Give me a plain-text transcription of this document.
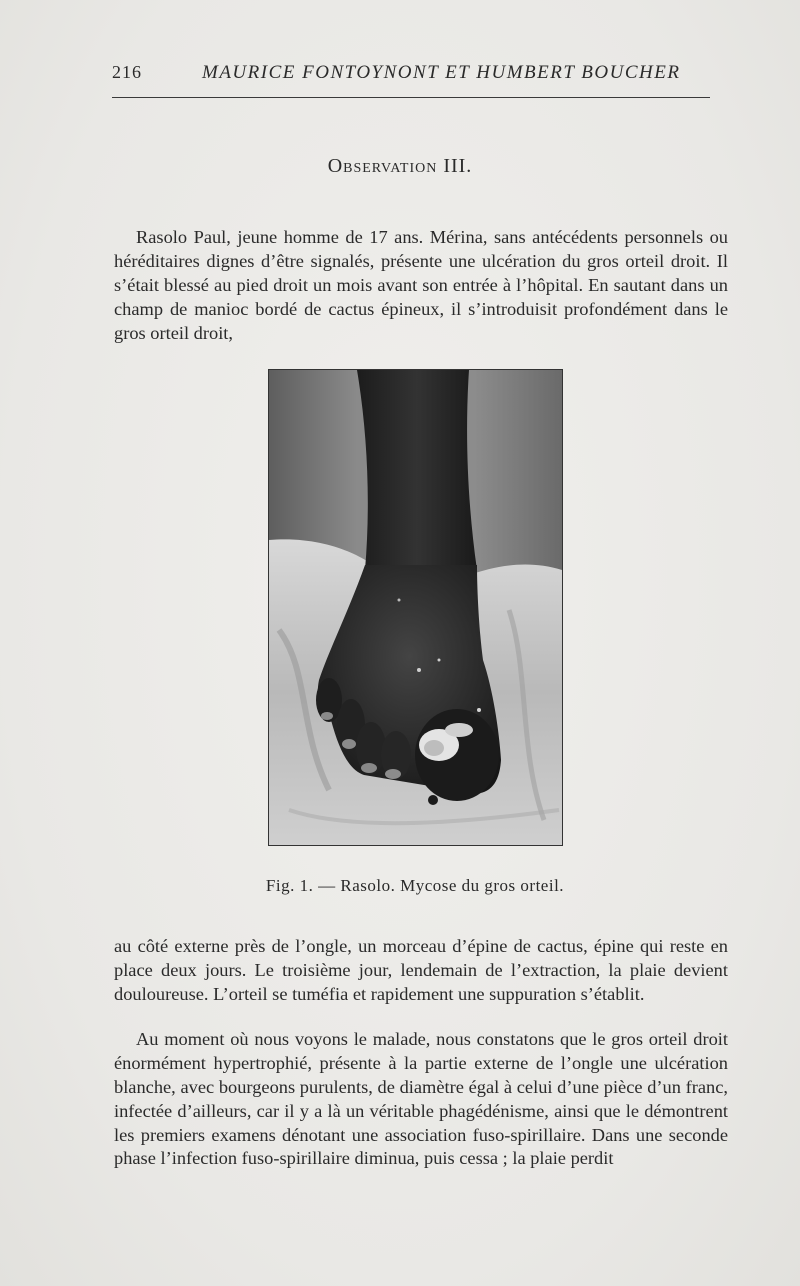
216	MAURICE FONTOYNONT ET HUMBERT BOUCHER
Observation III.

Rasolo Paul, jeune homme de 17 ans. Mérina, sans antécédents personnels ou héréditaires dignes d’être signalés, présente une ulcération du gros orteil droit. Il s’était blessé au pied droit un mois avant son entrée à l’hôpital. En sautant dans un champ de manioc bordé de cactus épineux, il s’introduisit profondément dans le gros orteil droit,

Fig. 1. — Rasolo. Mycose du gros orteil.

au côté externe près de l’ongle, un morceau d’épine de cactus, épine qui reste en place deux jours. Le troisième jour, lendemain de l’extraction, la plaie devient douloureuse. L’orteil se tuméfia et rapidement une suppuration s’établit.

Au moment où nous voyons le malade, nous constatons que le gros orteil droit énormément hypertrophié, présente à la partie externe de l’ongle une ulcération blanche, avec bourgeons purulents, de diamètre égal à celui d’une pièce d’un franc, infectée d’ailleurs, car il y a là un véritable phagédénisme, ainsi que le démontrent les premiers examens dénotant une association fuso-spirillaire. Dans une seconde phase l’infection fuso-spirillaire diminua, puis cessa ; la plaie perdit
